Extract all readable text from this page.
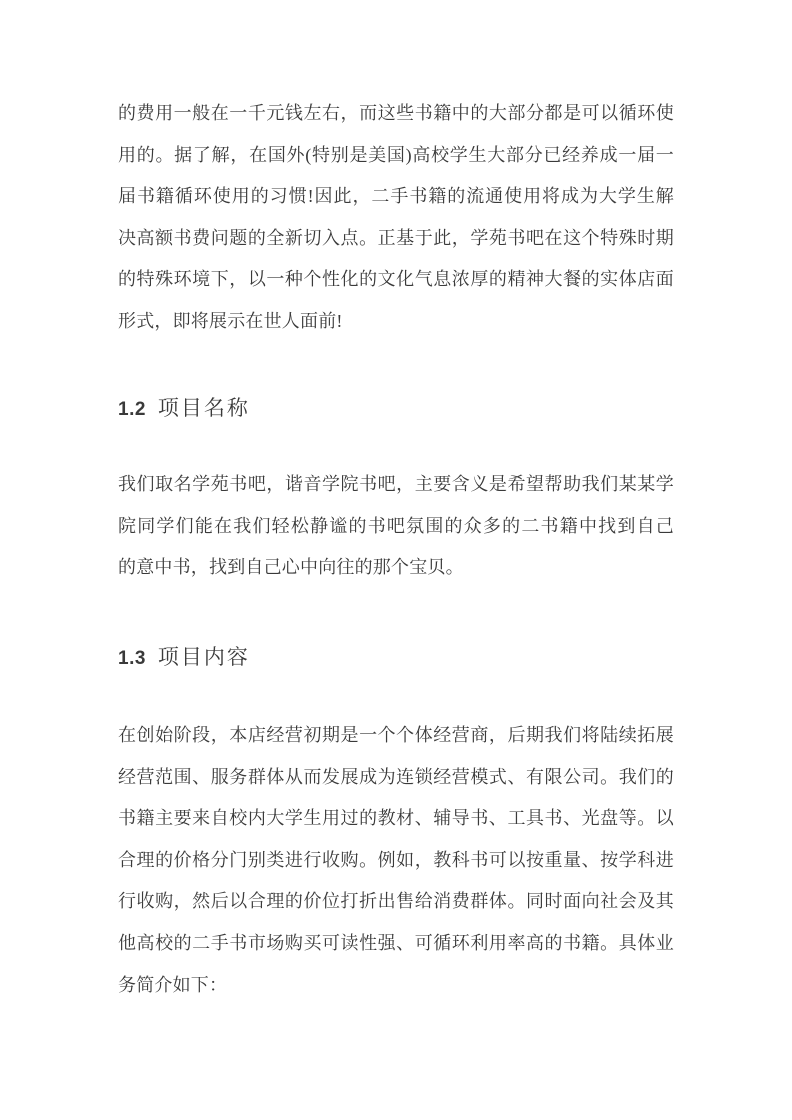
的费用一般在一千元钱左右，而这些书籍中的大部分都是可以循环使
用的。据了解，在国外(特别是美国)高校学生大部分已经养成一届一
届书籍循环使用的习惯!因此，二手书籍的流通使用将成为大学生解
决高额书费问题的全新切入点。正基于此，学苑书吧在这个特殊时期
的特殊环境下，以一种个性化的文化气息浓厚的精神大餐的实体店面
形式，即将展示在世人面前!
1.2 项目名称
我们取名学苑书吧，谐音学院书吧，主要含义是希望帮助我们某某学
院同学们能在我们轻松静谧的书吧氛围的众多的二书籍中找到自己
的意中书，找到自己心中向往的那个宝贝。
1.3 项目内容
在创始阶段，本店经营初期是一个个体经营商，后期我们将陆续拓展
经营范围、服务群体从而发展成为连锁经营模式、有限公司。我们的
书籍主要来自校内大学生用过的教材、辅导书、工具书、光盘等。以
合理的价格分门别类进行收购。例如，教科书可以按重量、按学科进
行收购，然后以合理的价位打折出售给消费群体。同时面向社会及其
他高校的二手书市场购买可读性强、可循环利用率高的书籍。具体业
务简介如下：
